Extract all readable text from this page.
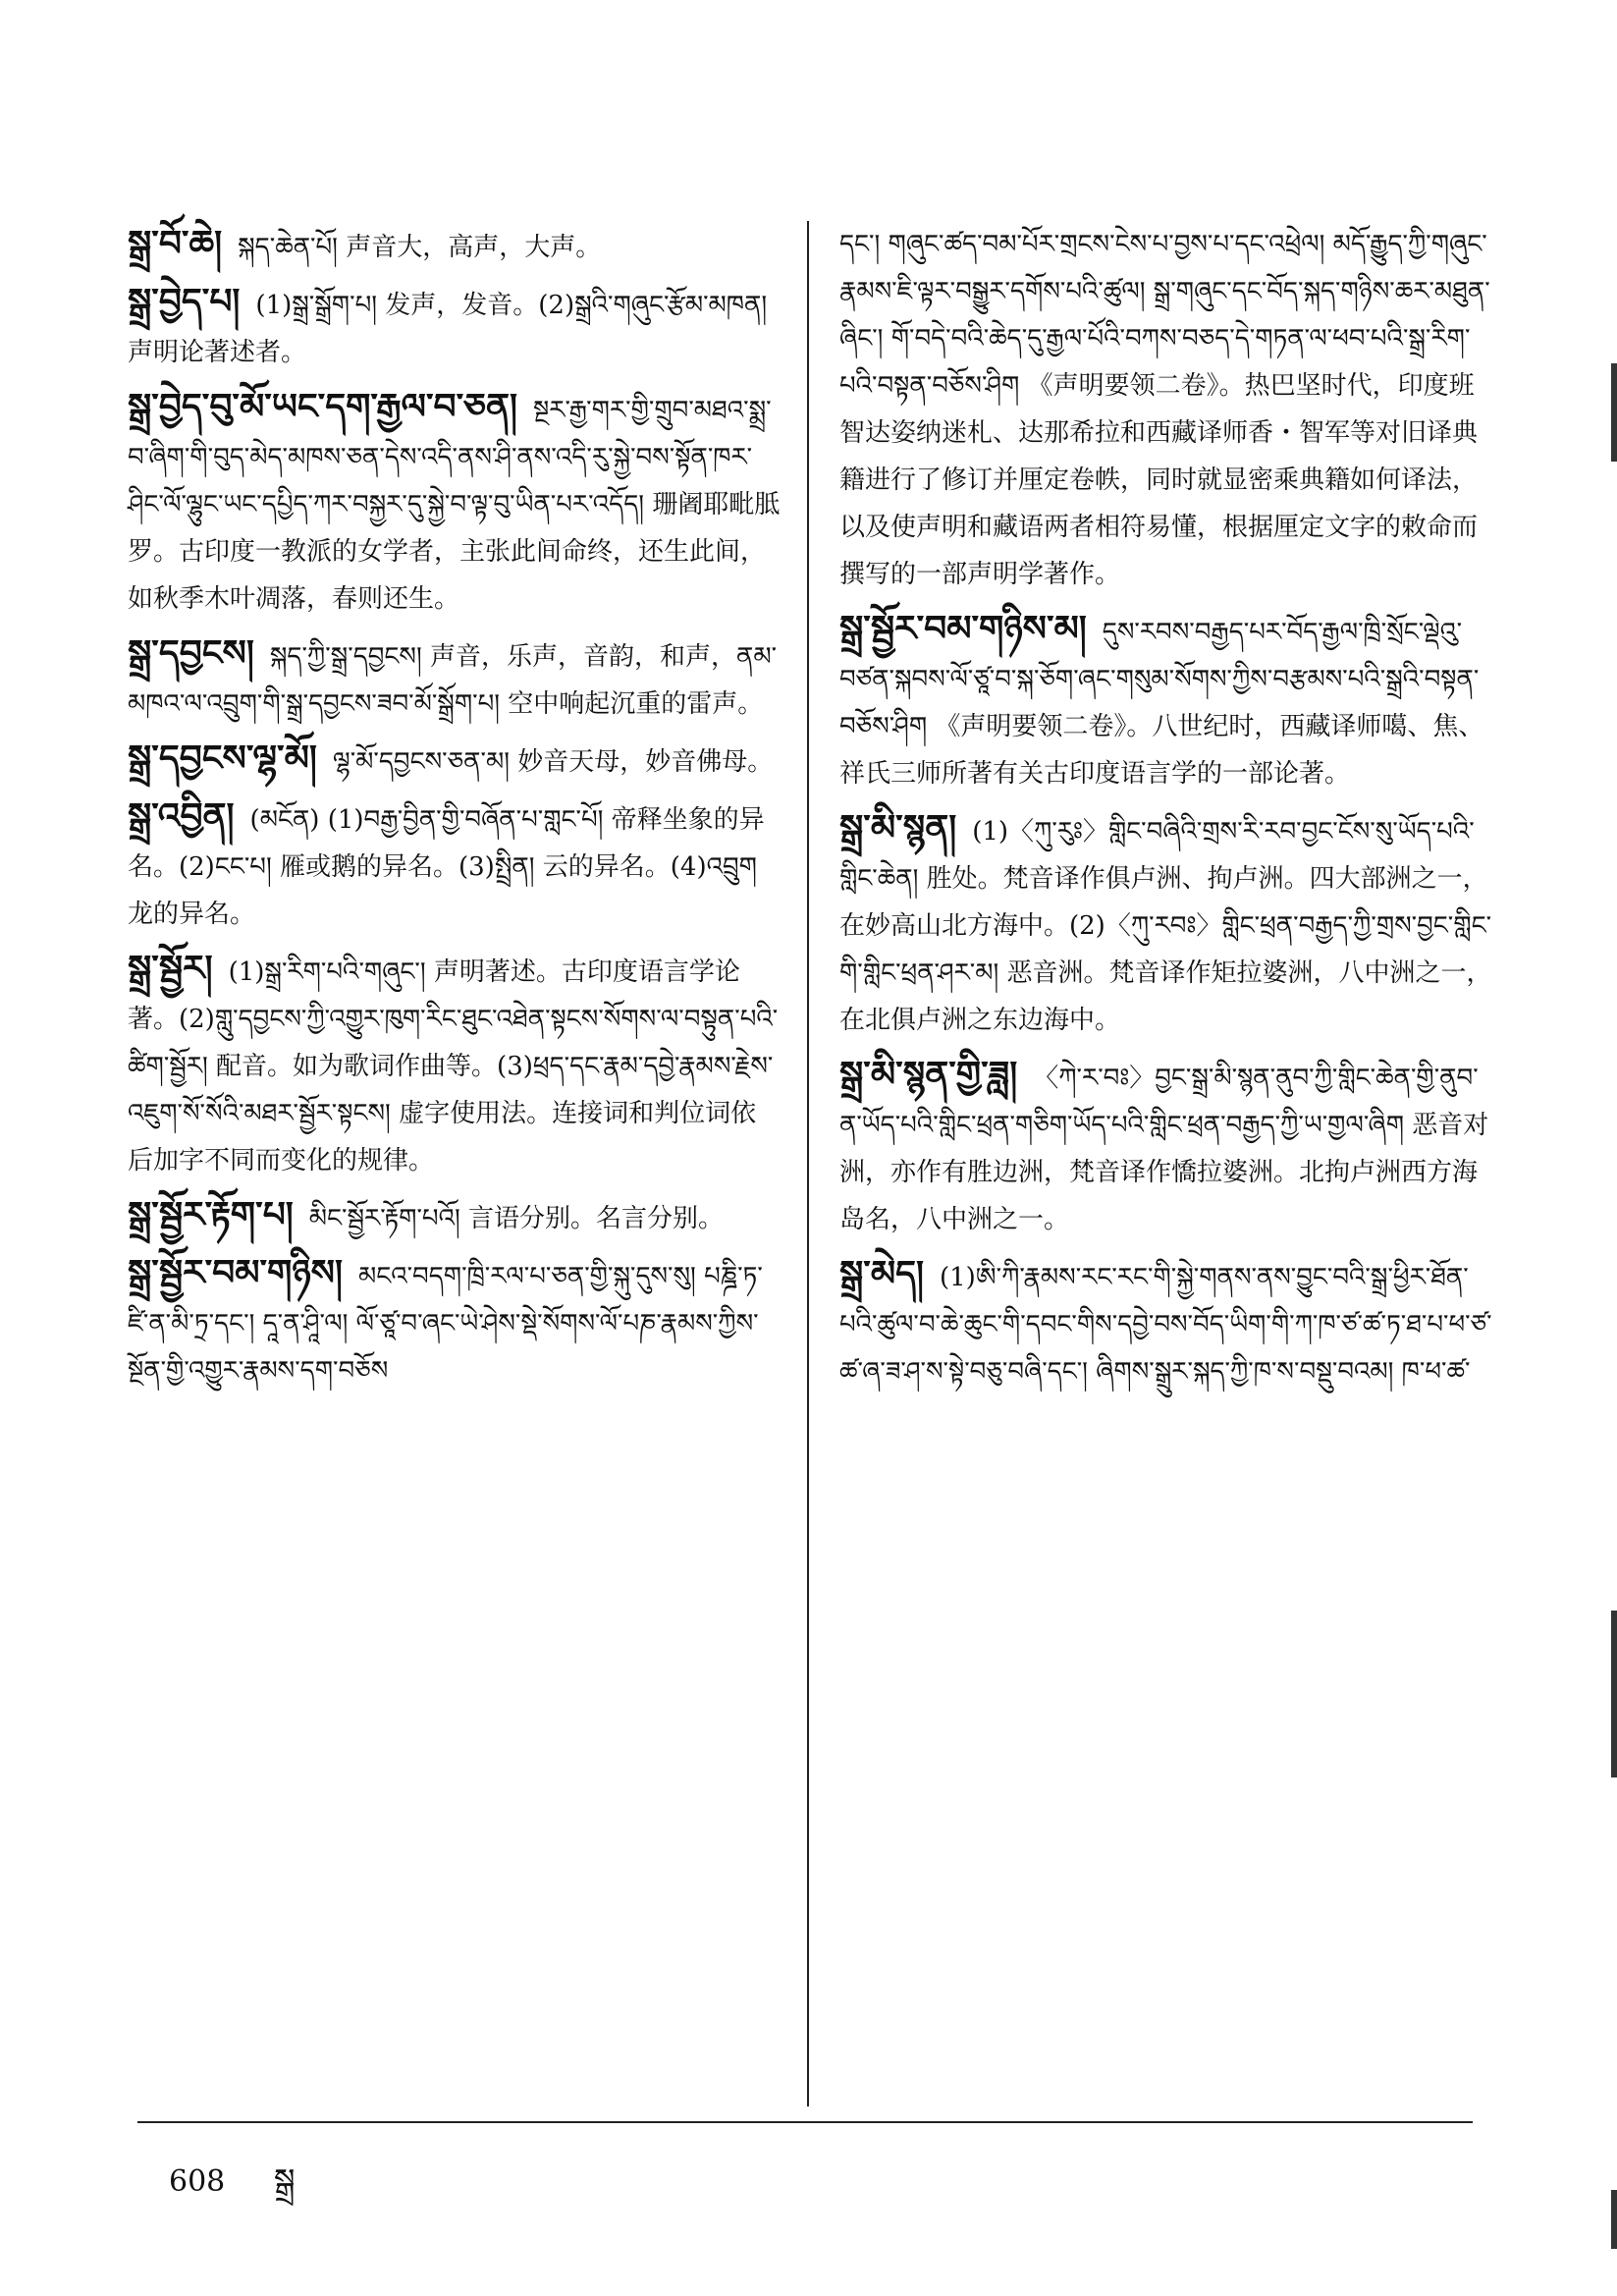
སྒྲ་བོ་ཆེ། སྐད་ཆེན་པོ། 声音大，高声，大声。
སྒྲ་བྱེད་པ། (1)སྒྲ་སྒྲོག་པ། 发声，发音。(2)སྒྲའི་གཞུང་རྩོམ་མཁན། 声明论著述者。
སྒྲ་བྱེད་བུ་མོ་ཡང་དག་རྒྱལ་བ་ཅན། སྔར་རྒྱ་གར་གྱི་གྲུབ་མཐའ་སྨྲ་བ་ཞིག་གི་བུད་མེད་མཁས་ཅན་དེས་འདི་ནས་ཤི་ནས་འདི་རུ་སྐྱེ་བས་སྟོན་ཁར་ཤིང་ལོ་ལྷུང་ཡང་དཔྱིད་ཀར་བསྐྱར་དུ་སྐྱེ་བ་ལྟ་བུ་ཡིན་པར་འདོད། 珊阇耶毗胝罗。古印度一教派的女学者，主张此间命终，还生此间，如秋季木叶凋落，春则还生。
སྒྲ་དབྱངས། སྐད་ཀྱི་སྒྲ་དབྱངས། 声音，乐声，音韵，和声，ནམ་མཁའ་ལ་འབྲུག་གི་སྒྲ་དབྱངས་ཟབ་མོ་སྒྲོག་པ། 空中响起沉重的雷声。
སྒྲ་དབྱངས་ལྷ་མོ། ལྷ་མོ་དབྱངས་ཅན་མ། 妙音天母，妙音佛母。
སྒྲ་འབྱིན། (མངོན) (1)བརྒྱ་བྱིན་གྱི་བཞོན་པ་གླང་པོ། 帝释坐象的异名。(2)ངང་པ། 雁或鹅的异名。(3)སྤྲིན། 云的异名。(4)འབྲུག 龙的异名。
སྒྲ་སྦྱོར། (1)སྒྲ་རིག་པའི་གཞུང་། 声明著述。古印度语言学论著。(2)གླུ་དབྱངས་ཀྱི་འགྱུར་ཁུག་རིང་ཐུང་འཐེན་སྟངས་སོགས་ལ་བསྟུན་པའི་ཚིག་སྦྱོར། 配音。如为歌词作曲等。(3)ཕྲད་དང་རྣམ་དབྱེ་རྣམས་རྗེས་འཇུག་སོ་སོའི་མཐར་སྦྱོར་སྟངས། 虚字使用法。连接词和判位词依后加字不同而变化的规律。
སྒྲ་སྦྱོར་རྟོག་པ། མིང་སྦྱོར་རྟོག་པའོ། 言语分别。名言分别。
སྒྲ་སྦྱོར་བམ་གཉིས། མངའ་བདག་ཁྲི་རལ་པ་ཅན་གྱི་སྐུ་དུས་སུ། པཎྜི་ཏ་ཛི་ན་མི་ཏྲ་དང་། དཱ་ན་ཤཱི་ལ། ལོ་ཙཱ་བ་ཞང་ཡེ་ཤེས་སྡེ་སོགས་ལོ་པཎ་རྣམས་ཀྱིས་སྔོན་གྱི་འགྱུར་རྣམས་དག་བཅོས
དང་། གཞུང་ཚད་བམ་པོར་གྲངས་ངེས་པ་བྱས་པ་དང་འཕྲེལ། མདོ་རྒྱུད་ཀྱི་གཞུང་རྣམས་ཇི་ལྟར་བསྒྱུར་དགོས་པའི་ཚུལ། སྒྲ་གཞུང་དང་བོད་སྐད་གཉིས་ཆར་མཐུན་ཞིང་། གོ་བདེ་བའི་ཆེད་དུ་རྒྱལ་པོའི་བཀས་བཅད་དེ་གཏན་ལ་ཕབ་པའི་སྒྲ་རིག་པའི་བསྟན་བཅོས་ཤིག 《声明要领二卷》。热巴坚时代，印度班智达姿纳迷札、达那希拉和西藏译师香・智军等对旧译典籍进行了修订并厘定卷帙，同时就显密乘典籍如何译法，以及使声明和藏语两者相符易懂，根据厘定文字的敕命而撰写的一部声明学著作。
སྒྲ་སྦྱོར་བམ་གཉིས་མ། དུས་རབས་བརྒྱད་པར་བོད་རྒྱལ་ཁྲི་སྲོང་ལྡེའུ་བཙན་སྐབས་ལོ་ཙཱ་བ་སྐ་ཅོག་ཞང་གསུམ་སོགས་ཀྱིས་བརྩམས་པའི་སྒྲའི་བསྟན་བཅོས་ཤིག 《声明要领二卷》。八世纪时，西藏译师噶、焦、祥氏三师所著有关古印度语言学的一部论著。
སྒྲ་མི་སྙན། (1)〈ཀུ་རུཿ〉གླིང་བཞིའི་གྲས་རི་རབ་བྱང་ངོས་སུ་ཡོད་པའི་གླིང་ཆེན། 胜处。梵音译作俱卢洲、拘卢洲。四大部洲之一，在妙高山北方海中。(2)〈ཀུ་རབཿ〉གླིང་ཕྲན་བརྒྱད་ཀྱི་གྲས་བྱང་གླིང་གི་གླིང་ཕྲན་ཤར་མ། 恶音洲。梵音译作矩拉婆洲，八中洲之一，在北俱卢洲之东边海中。
སྒྲ་མི་སྙན་གྱི་ཟླ། 〈ཀེ་ར་བཿ〉བྱང་སྒྲ་མི་སྙན་ནུབ་ཀྱི་གླིང་ཆེན་གྱི་ནུབ་ན་ཡོད་པའི་གླིང་ཕྲན་གཅིག་ཡོད་པའི་གླིང་ཕྲན་བརྒྱད་ཀྱི་ཡ་གྱལ་ཞིག 恶音对洲，亦作有胜边洲，梵音译作憍拉婆洲。北拘卢洲西方海岛名，八中洲之一。
སྒྲ་མེད། (1)ཨི་ཀི་རྣམས་རང་རང་གི་སྐྱེ་གནས་ནས་བྱུང་བའི་སྒྲ་ཕྱིར་ཐོན་པའི་ཚུལ་བ་ཆེ་ཆུང་གི་དབང་གིས་དབྱེ་བས་བོད་ཡིག་གི་ཀ་ཁ་ཙ་ཚ་ཏ་ཐ་པ་ཕ་ཙ་ཚ་ཞ་ཟ་ཤ་ས་སྟེ་བཅུ་བཞི་དང་། ཞིགས་སྒྲུར་སྐད་ཀྱི་ཁ་ས་བསྡུ་བའམ། ཁ་ཕ་ཚ་
608 སྒྲ
